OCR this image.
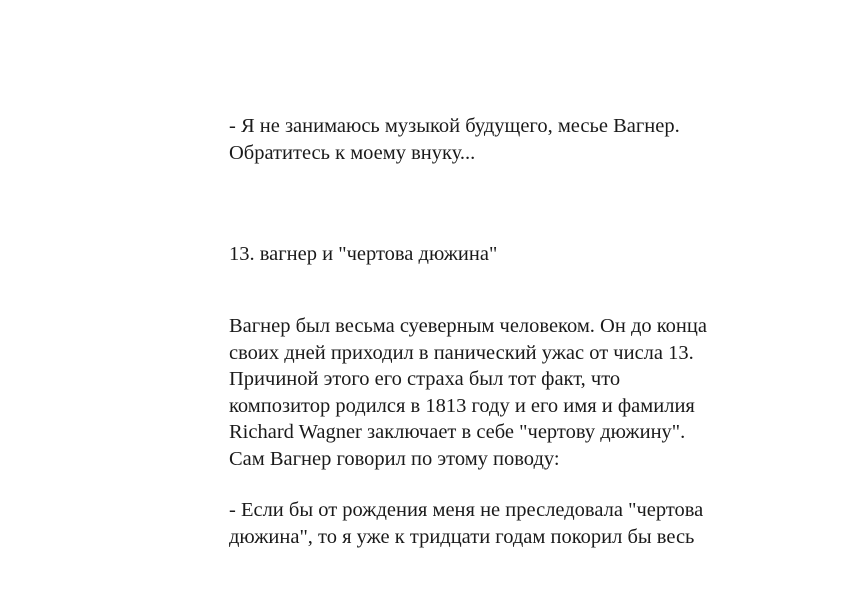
- Я не занимаюсь музыкой будущего, месье Вагнер.
Обратитесь к моему внуку...
13. вагнер и "чертова дюжина"
Вагнер был весьма суеверным человеком. Он до конца
своих дней приходил в панический ужас от числа 13.
Причиной этого его страха был тот факт, что
композитор родился в 1813 году и его имя и фамилия
Richard Wagner заключает в себе "чертову дюжину".
Сам Вагнер говорил по этому поводу:
- Если бы от рождения меня не преследовала "чертова
дюжина", то я уже к тридцати годам покорил бы весь
